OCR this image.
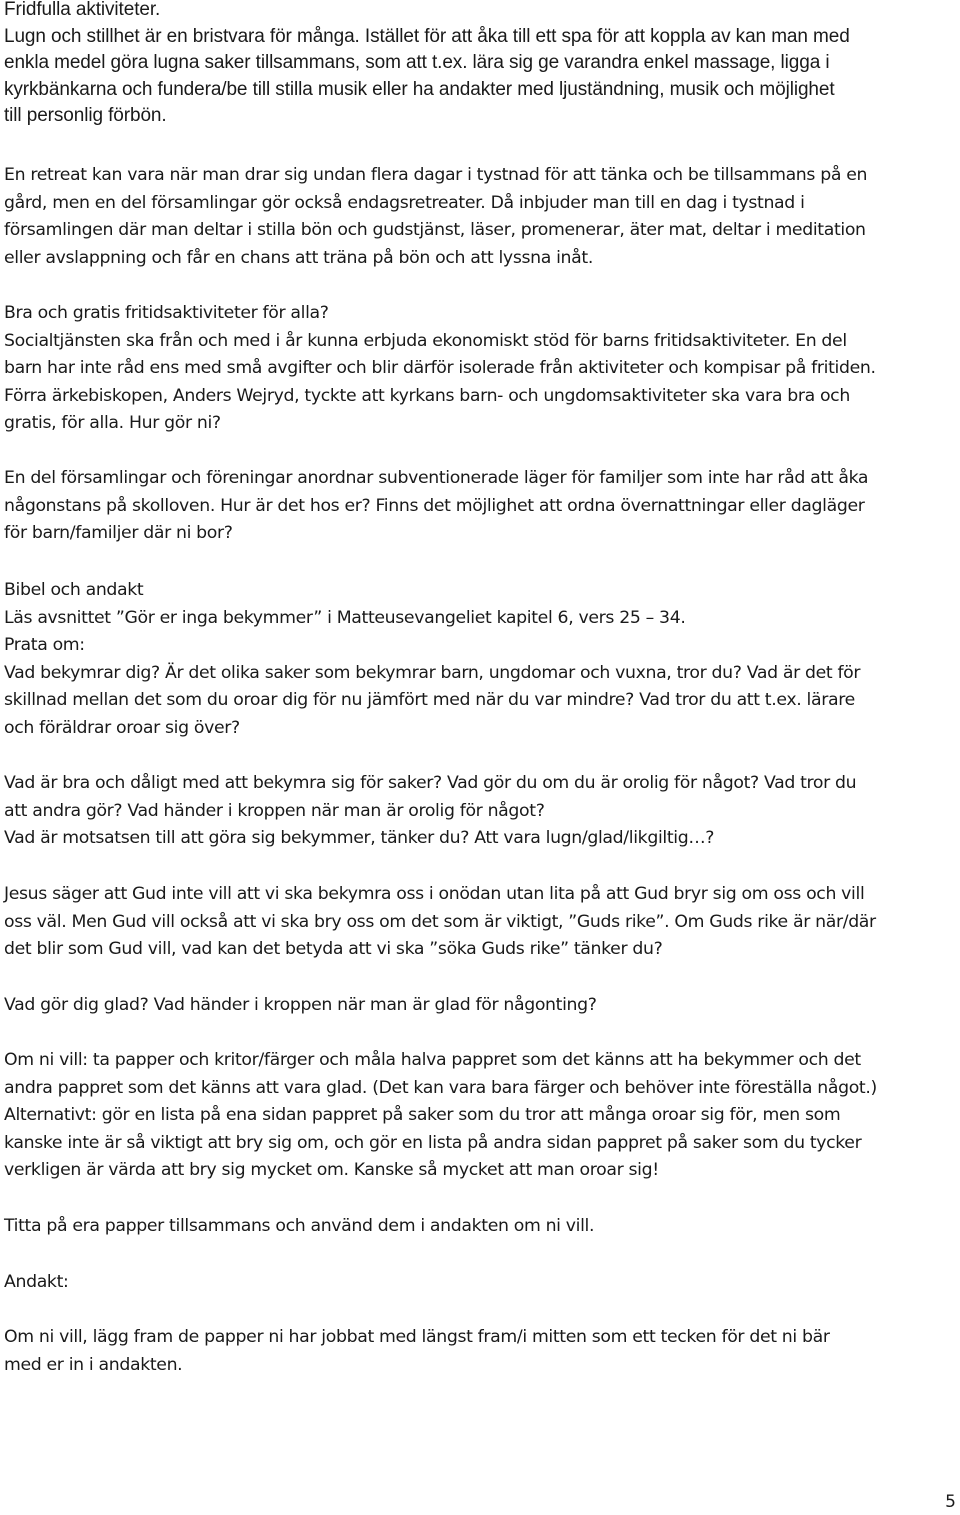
Fridfulla aktiviteter.
Lugn och stillhet är en bristvara för många. Istället för att åka till ett spa för att koppla av kan man med
enkla medel göra lugna saker tillsammans, som att t.ex. lära sig ge varandra enkel massage, ligga i
kyrkbänkarna och fundera/be till stilla musik eller ha andakter med ljuständning, musik och möjlighet
till personlig förbön.
En retreat kan vara när man drar sig undan flera dagar i tystnad för att tänka och be tillsammans på en
gård, men en del församlingar gör också endagsretreater. Då inbjuder man till en dag i tystnad i
församlingen där man deltar i stilla bön och gudstjänst, läser, promenerar, äter mat, deltar i meditation
eller avslappning och får en chans att träna på bön och att lyssna inåt.
Bra och gratis fritidsaktiviteter för alla?
Socialtjänsten ska från och med i år kunna erbjuda ekonomiskt stöd för barns fritidsaktiviteter. En del
barn har inte råd ens med små avgifter och blir därför isolerade från aktiviteter och kompisar på fritiden.
Förra ärkebiskopen, Anders Wejryd, tyckte att kyrkans barn- och ungdomsaktiviteter ska vara bra och
gratis, för alla. Hur gör ni?
En del församlingar och föreningar anordnar subventionerade läger för familjer som inte har råd att åka
någonstans på skolloven. Hur är det hos er? Finns det möjlighet att ordna övernattningar eller dagläger
för barn/familjer där ni bor?
Bibel och andakt
Läs avsnittet ”Gör er inga bekymmer” i Matteusevangeliet kapitel 6, vers 25 – 34.
Prata om:
Vad bekymrar dig? Är det olika saker som bekymrar barn, ungdomar och vuxna, tror du? Vad är det för
skillnad mellan det som du oroar dig för nu jämfört med när du var mindre? Vad tror du att t.ex. lärare
och föräldrar oroar sig över?
Vad är bra och dåligt med att bekymra sig för saker? Vad gör du om du är orolig för något? Vad tror du
att andra gör? Vad händer i kroppen när man är orolig för något?
Vad är motsatsen till att göra sig bekymmer, tänker du? Att vara lugn/glad/likgiltig…?
Jesus säger att Gud inte vill att vi ska bekymra oss i onödan utan lita på att Gud bryr sig om oss och vill
oss väl. Men Gud vill också att vi ska bry oss om det som är viktigt, ”Guds rike”. Om Guds rike är när/där
det blir som Gud vill, vad kan det betyda att vi ska ”söka Guds rike” tänker du?
Vad gör dig glad? Vad händer i kroppen när man är glad för någonting?
Om ni vill: ta papper och kritor/färger och måla halva pappret som det känns att ha bekymmer och det
andra pappret som det känns att vara glad. (Det kan vara bara färger och behöver inte föreställa något.)
Alternativt: gör en lista på ena sidan pappret på saker som du tror att många oroar sig för, men som
kanske inte är så viktigt att bry sig om, och gör en lista på andra sidan pappret på saker som du tycker
verkligen är värda att bry sig mycket om. Kanske så mycket att man oroar sig!
Titta på era papper tillsammans och använd dem i andakten om ni vill.
Andakt:
Om ni vill, lägg fram de papper ni har jobbat med längst fram/i mitten som ett tecken för det ni bär
med er in i andakten.
5
